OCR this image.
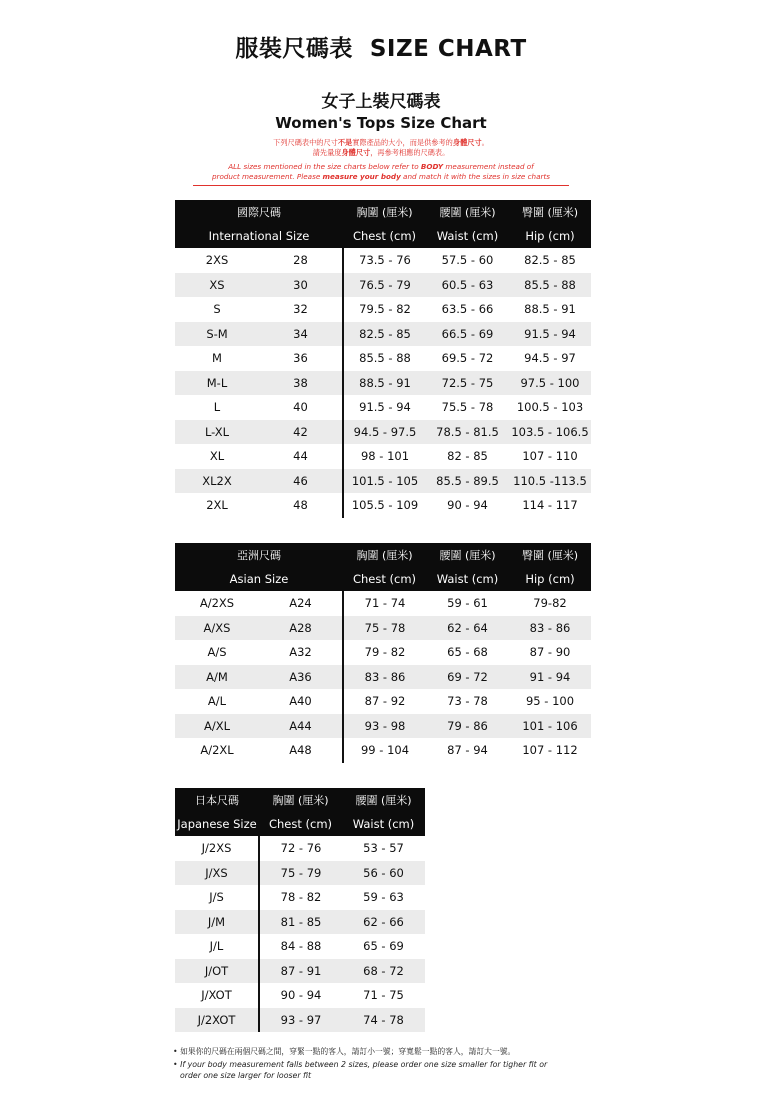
服裝尺碼表 SIZE CHART
女子上裝尺碼表
Women's Tops Size Chart
下列尺碼表中的尺寸不是實際產品的大小，而是供參考的身體尺寸。
請先量度身體尺寸，再參考相應的尺碼表。
ALL sizes mentioned in the size charts below refer to BODY measurement instead of
product measurement. Please measure your body and match it with the sizes in size charts
國際尺碼		胸圍 (厘米)	腰圍 (厘米)	臀圍 (厘米)
International Size		Chest (cm)	Waist (cm)	Hip (cm)
2XS	28	73.5 - 76	57.5 - 60	82.5 - 85
XS	30	76.5 - 79	60.5 - 63	85.5 - 88
S	32	79.5 - 82	63.5 - 66	88.5 - 91
S-M	34	82.5 - 85	66.5 - 69	91.5 - 94
M	36	85.5 - 88	69.5 - 72	94.5 - 97
M-L	38	88.5 - 91	72.5 - 75	97.5 - 100
L	40	91.5 - 94	75.5 - 78	100.5 - 103
L-XL	42	94.5 - 97.5	78.5 - 81.5	103.5 - 106.5
XL	44	98 - 101	82 - 85	107 - 110
XL2X	46	101.5 - 105	85.5 - 89.5	110.5 -113.5
2XL	48	105.5 - 109	90 - 94	114 - 117
亞洲尺碼		胸圍 (厘米)	腰圍 (厘米)	臀圍 (厘米)
Asian Size		Chest (cm)	Waist (cm)	Hip (cm)
A/2XS	A24	71 - 74	59 - 61	79-82
A/XS	A28	75 - 78	62 - 64	83 - 86
A/S	A32	79 - 82	65 - 68	87 - 90
A/M	A36	83 - 86	69 - 72	91 - 94
A/L	A40	87 - 92	73 - 78	95 - 100
A/XL	A44	93 - 98	79 - 86	101 - 106
A/2XL	A48	99 - 104	87 - 94	107 - 112
日本尺碼	胸圍 (厘米)	腰圍 (厘米)
Japanese Size	Chest (cm)	Waist (cm)
J/2XS	72 - 76	53 - 57
J/XS	75 - 79	56 - 60
J/S	78 - 82	59 - 63
J/M	81 - 85	62 - 66
J/L	84 - 88	65 - 69
J/OT	87 - 91	68 - 72
J/XOT	90 - 94	71 - 75
J/2XOT	93 - 97	74 - 78
• 如果你的尺碼在兩個尺碼之間，穿緊一點的客人，請訂小一號；穿寬鬆一點的客人，請訂大一號。
• If your body measurement falls between 2 sizes, please order one size smaller for tigher fit or
order one size larger for looser fit
